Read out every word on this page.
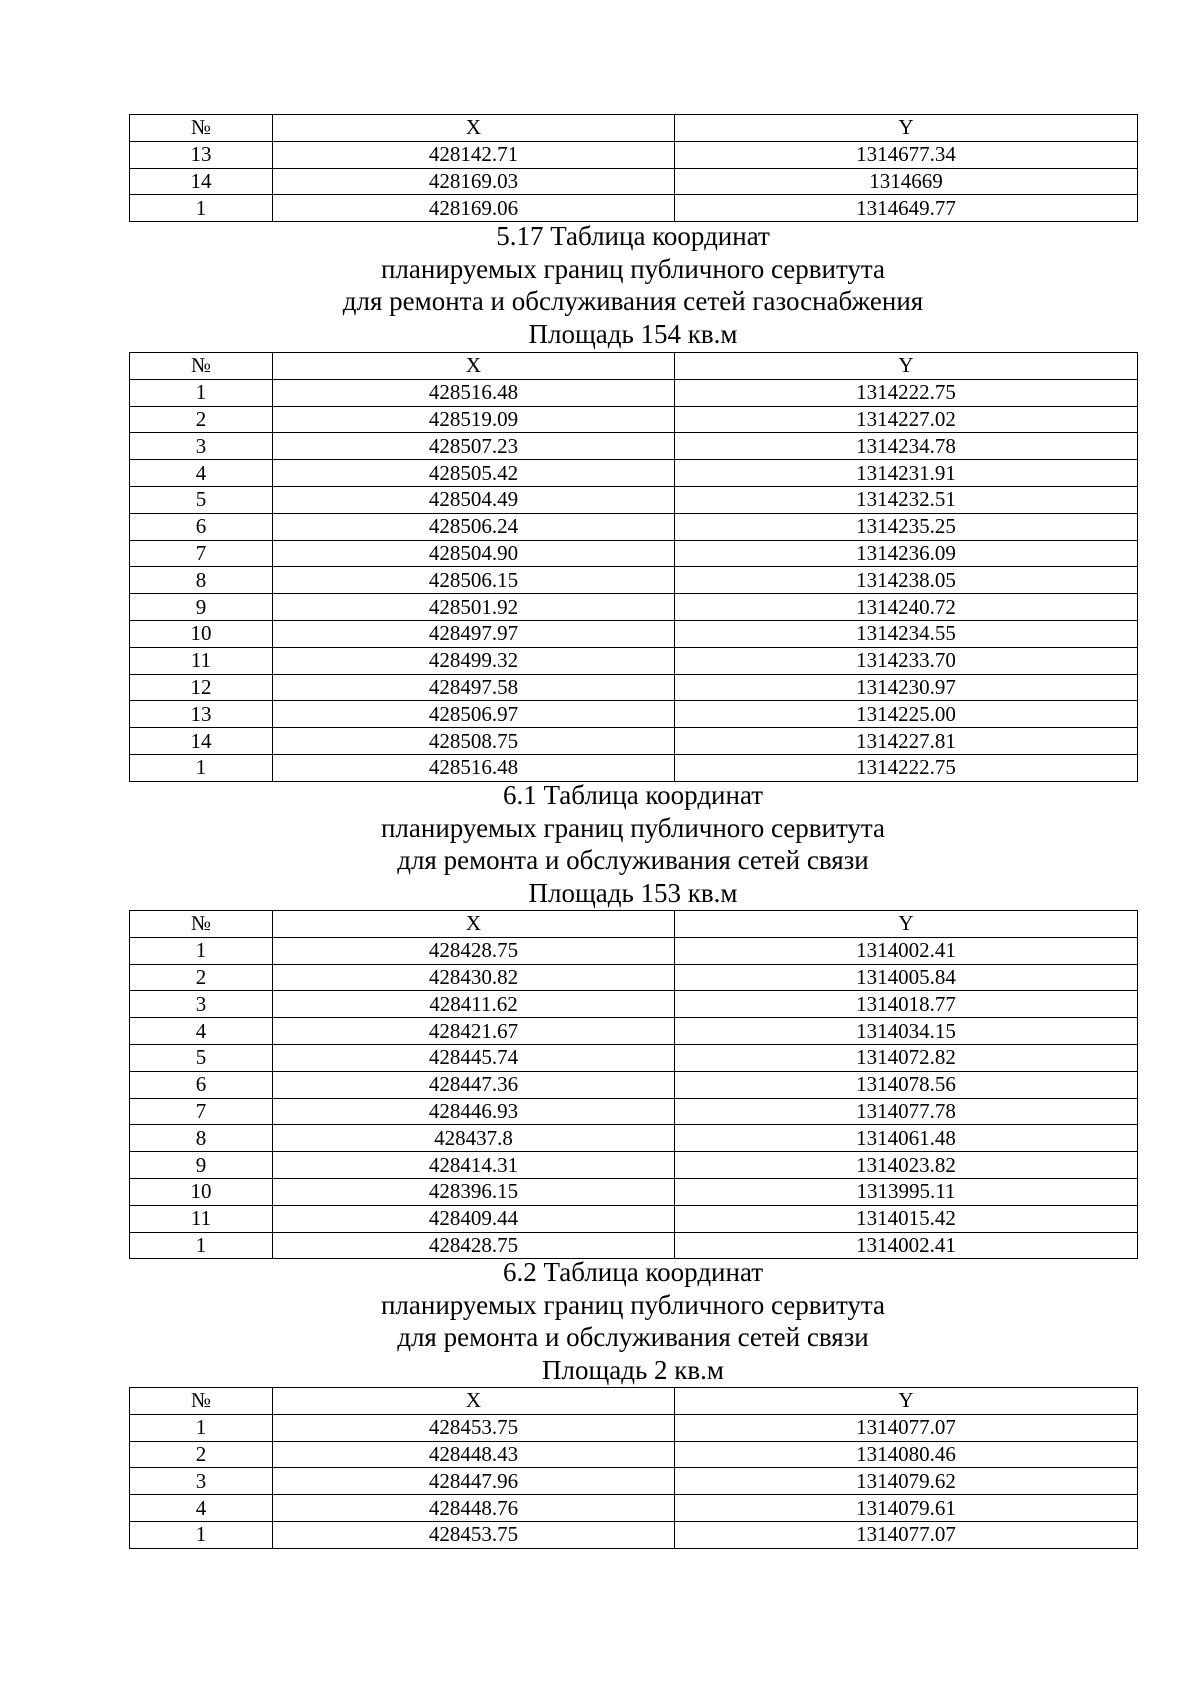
№	X	Y
13	428142.71	1314677.34
14	428169.03	1314669
1	428169.06	1314649.77
5.17 Таблица координат
планируемых границ публичного сервитута
для ремонта и обслуживания сетей газоснабжения
Площадь 154 кв.м
№	X	Y
1	428516.48	1314222.75
2	428519.09	1314227.02
3	428507.23	1314234.78
4	428505.42	1314231.91
5	428504.49	1314232.51
6	428506.24	1314235.25
7	428504.90	1314236.09
8	428506.15	1314238.05
9	428501.92	1314240.72
10	428497.97	1314234.55
11	428499.32	1314233.70
12	428497.58	1314230.97
13	428506.97	1314225.00
14	428508.75	1314227.81
1	428516.48	1314222.75
6.1 Таблица координат
планируемых границ публичного сервитута
для ремонта и обслуживания сетей связи
Площадь 153 кв.м
№	X	Y
1	428428.75	1314002.41
2	428430.82	1314005.84
3	428411.62	1314018.77
4	428421.67	1314034.15
5	428445.74	1314072.82
6	428447.36	1314078.56
7	428446.93	1314077.78
8	428437.8	1314061.48
9	428414.31	1314023.82
10	428396.15	1313995.11
11	428409.44	1314015.42
1	428428.75	1314002.41
6.2 Таблица координат
планируемых границ публичного сервитута
для ремонта и обслуживания сетей связи
Площадь 2 кв.м
№	X	Y
1	428453.75	1314077.07
2	428448.43	1314080.46
3	428447.96	1314079.62
4	428448.76	1314079.61
1	428453.75	1314077.07
